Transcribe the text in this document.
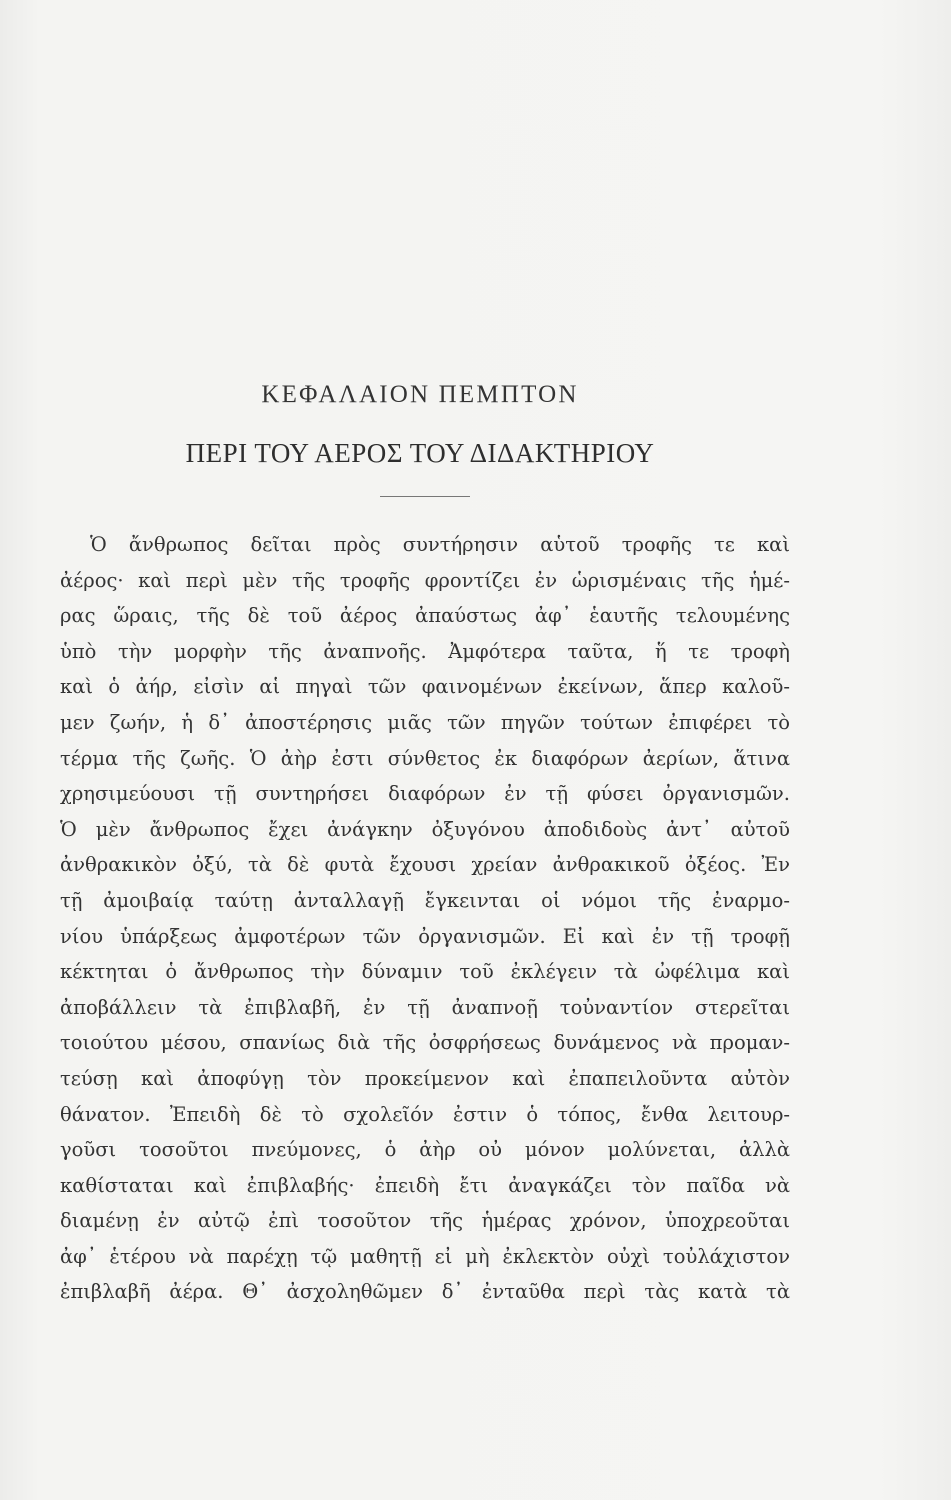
ΚΕΦΑΛΑΙΟΝ ΠΕΜΠΤΟΝ
ΠΕΡΙ ΤΟΥ ΑΕΡΟΣ ΤΟΥ ΔΙΔΑΚΤΗΡΙΟΥ
Ὁ ἄνθρωπος δεῖται πρὸς συντήρησιν αὑτοῦ τροφῆς τε καὶ
ἀέρος· καὶ περὶ μὲν τῆς τροφῆς φροντίζει ἐν ὡρισμέναις τῆς ἡμέ-
ρας ὥραις, τῆς δὲ τοῦ ἀέρος ἀπαύστως ἀφ᾽ ἑαυτῆς τελουμένης
ὑπὸ τὴν μορφὴν τῆς ἀναπνοῆς. Ἀμφότερα ταῦτα, ἥ τε τροφὴ
καὶ ὁ ἀήρ, εἰσὶν αἱ πηγαὶ τῶν φαινομένων ἐκείνων, ἅπερ καλοῦ-
μεν ζωήν, ἡ δ᾽ ἀποστέρησις μιᾶς τῶν πηγῶν τούτων ἐπιφέρει τὸ
τέρμα τῆς ζωῆς. Ὁ ἀὴρ ἐστι σύνθετος ἐκ διαφόρων ἀερίων, ἅτινα
χρησιμεύουσι τῇ συντηρήσει διαφόρων ἐν τῇ φύσει ὀργανισμῶν.
Ὁ μὲν ἄνθρωπος ἔχει ἀνάγκην ὀξυγόνου ἀποδιδοὺς ἀντ᾽ αὐτοῦ
ἀνθρακικὸν ὀξύ, τὰ δὲ φυτὰ ἔχουσι χρείαν ἀνθρακικοῦ ὀξέος. Ἐν
τῇ ἀμοιβαίᾳ ταύτῃ ἀνταλλαγῇ ἔγκεινται οἱ νόμοι τῆς ἐναρμο-
νίου ὑπάρξεως ἀμφοτέρων τῶν ὀργανισμῶν. Εἰ καὶ ἐν τῇ τροφῇ
κέκτηται ὁ ἄνθρωπος τὴν δύναμιν τοῦ ἐκλέγειν τὰ ὠφέλιμα καὶ
ἀποβάλλειν τὰ ἐπιβλαβῆ, ἐν τῇ ἀναπνοῇ τοὐναντίον στερεῖται
τοιούτου μέσου, σπανίως διὰ τῆς ὀσφρήσεως δυνάμενος νὰ προμαν-
τεύσῃ καὶ ἀποφύγῃ τὸν προκείμενον καὶ ἐπαπειλοῦντα αὐτὸν
θάνατον. Ἐπειδὴ δὲ τὸ σχολεῖόν ἐστιν ὁ τόπος, ἔνθα λειτουρ-
γοῦσι τοσοῦτοι πνεύμονες, ὁ ἀὴρ οὐ μόνον μολύνεται, ἀλλὰ
καθίσταται καὶ ἐπιβλαβής· ἐπειδὴ ἔτι ἀναγκάζει τὸν παῖδα νὰ
διαμένῃ ἐν αὐτῷ ἐπὶ τοσοῦτον τῆς ἡμέρας χρόνον, ὑποχρεοῦται
ἀφ᾽ ἑτέρου νὰ παρέχῃ τῷ μαθητῇ εἰ μὴ ἐκλεκτὸν οὐχὶ τοὐλάχιστον
ἐπιβλαβῆ ἀέρα. Θ᾽ ἀσχοληθῶμεν δ᾽ ἐνταῦθα περὶ τὰς κατὰ τὰ
